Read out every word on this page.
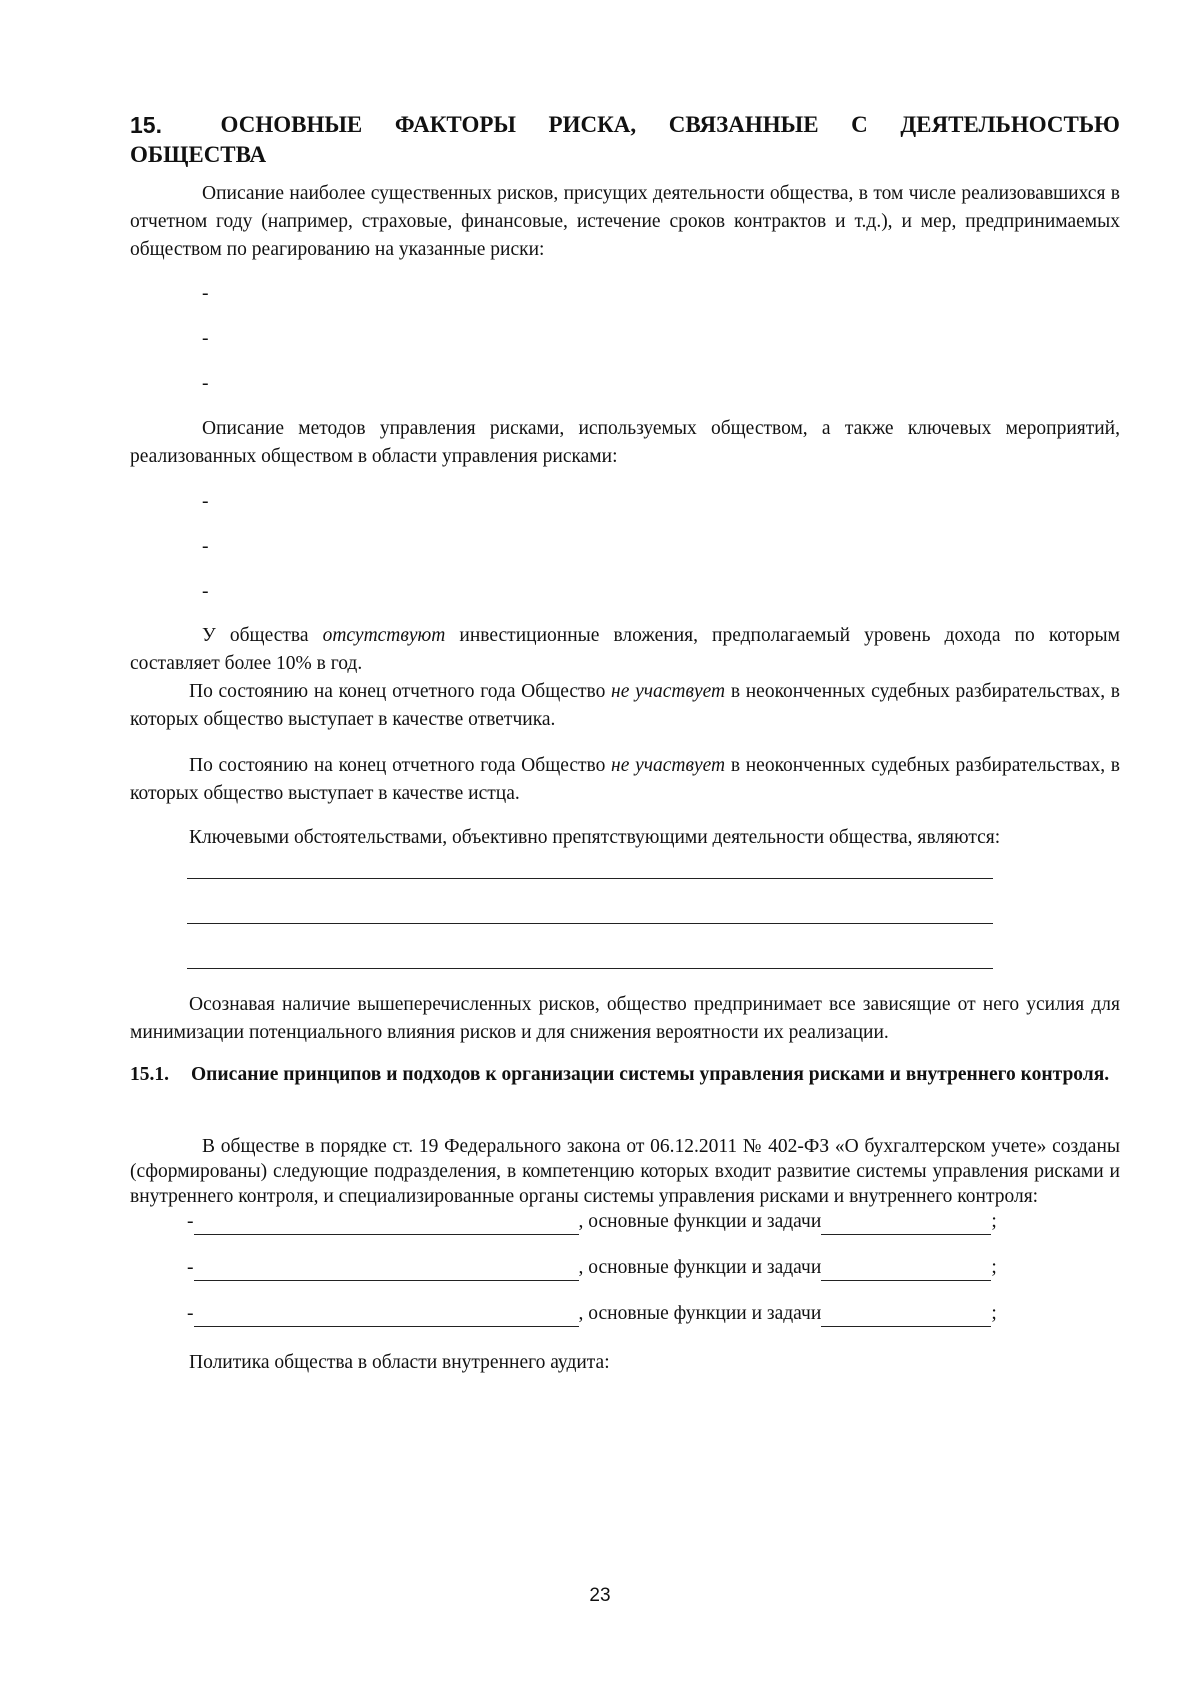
15.	ОСНОВНЫЕ ФАКТОРЫ РИСКА, СВЯЗАННЫЕ С ДЕЯТЕЛЬНОСТЬЮ
ОБЩЕСТВА

Описание наиболее существенных рисков, присущих деятельности общества, в том числе реализовавшихся в отчетном году (например, страховые, финансовые, истечение сроков контрактов и т.д.), и мер, предпринимаемых обществом по реагированию на указанные риски:

-
-
-

Описание методов управления рисками, используемых обществом, а также ключевых мероприятий, реализованных обществом в области управления рисками:

-
-
-

У общества отсутствуют инвестиционные вложения, предполагаемый уровень дохода по которым составляет более 10% в год.

По состоянию на конец отчетного года Общество не участвует в неоконченных судебных разбирательствах, в которых общество выступает в качестве ответчика.

По состоянию на конец отчетного года Общество не участвует в неоконченных судебных разбирательствах, в которых общество выступает в качестве истца.

Ключевыми обстоятельствами, объективно препятствующими деятельности общества, являются:

Осознавая наличие вышеперечисленных рисков, общество предпринимает все зависящие от него усилия для минимизации потенциального влияния рисков и для снижения вероятности их реализации.

15.1. Описание принципов и подходов к организации системы управления рисками и внутреннего контроля.

В обществе в порядке ст. 19 Федерального закона от 06.12.2011 № 402-ФЗ «О бухгалтерском учете» созданы (сформированы) следующие подразделения, в компетенцию которых входит развитие системы управления рисками и внутреннего контроля, и специализированные органы системы управления рисками и внутреннего контроля:

-	, основные функции и задачи	;
-	, основные функции и задачи	;
-	, основные функции и задачи	;

Политика общества в области внутреннего аудита:

23
